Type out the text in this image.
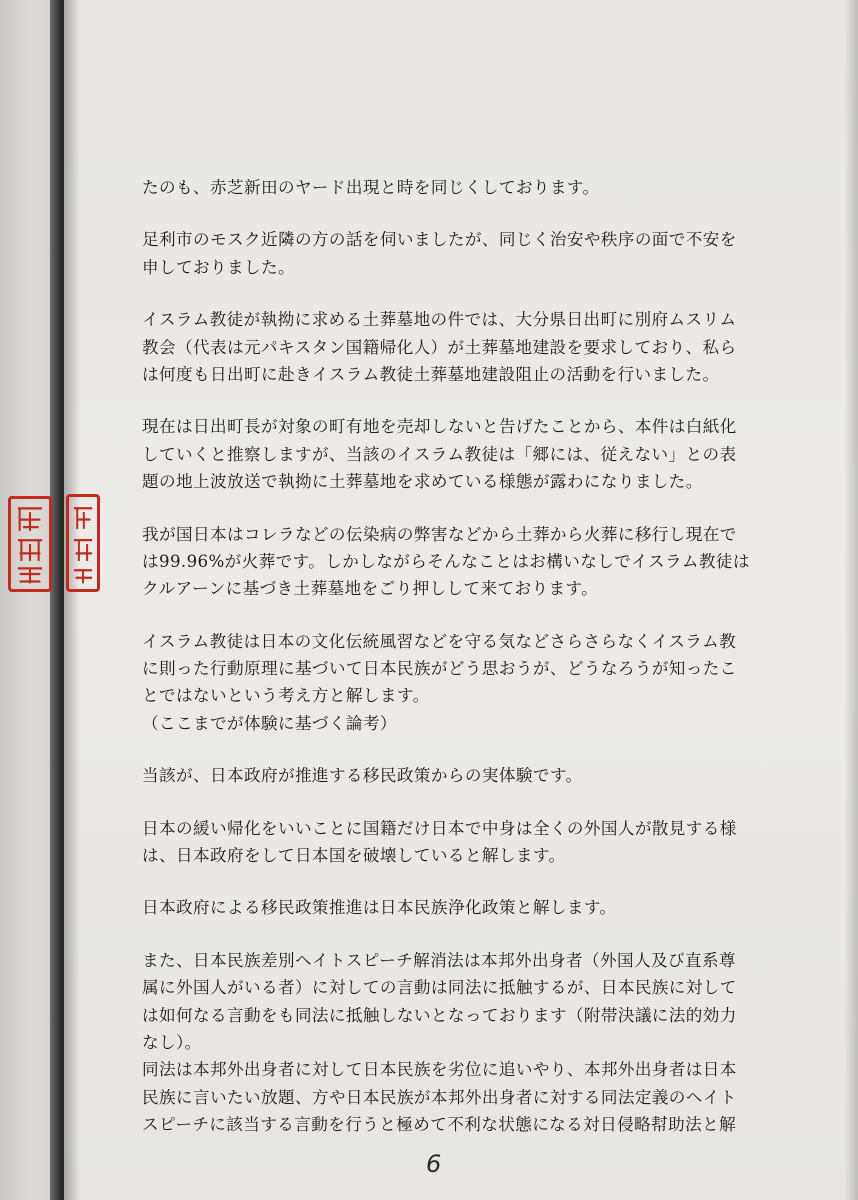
たのも、赤芝新田のヤード出現と時を同じくしております。
足利市のモスク近隣の方の話を伺いましたが、同じく治安や秩序の面で不安を
申しておりました。
イスラム教徒が執拗に求める土葬墓地の件では、大分県日出町に別府ムスリム
教会（代表は元パキスタン国籍帰化人）が土葬墓地建設を要求しており、私ら
は何度も日出町に赴きイスラム教徒土葬墓地建設阻止の活動を行いました。
現在は日出町長が対象の町有地を売却しないと告げたことから、本件は白紙化
していくと推察しますが、当該のイスラム教徒は「郷には、従えない」との表
題の地上波放送で執拗に土葬墓地を求めている様態が露わになりました。
我が国日本はコレラなどの伝染病の弊害などから土葬から火葬に移行し現在で
は99.96%が火葬です。しかしながらそんなことはお構いなしでイスラム教徒は
クルアーンに基づき土葬墓地をごり押しして来ております。
イスラム教徒は日本の文化伝統風習などを守る気などさらさらなくイスラム教
に則った行動原理に基づいて日本民族がどう思おうが、どうなろうが知ったこ
とではないという考え方と解します。
（ここまでが体験に基づく論考）
当該が、日本政府が推進する移民政策からの実体験です。
日本の緩い帰化をいいことに国籍だけ日本で中身は全くの外国人が散見する様
は、日本政府をして日本国を破壊していると解します。
日本政府による移民政策推進は日本民族浄化政策と解します。
また、日本民族差別ヘイトスピーチ解消法は本邦外出身者（外国人及び直系尊
属に外国人がいる者）に対しての言動は同法に抵触するが、日本民族に対して
は如何なる言動をも同法に抵触しないとなっております（附帯決議に法的効力
なし）。
同法は本邦外出身者に対して日本民族を劣位に追いやり、本邦外出身者は日本
民族に言いたい放題、方や日本民族が本邦外出身者に対する同法定義のヘイト
スピーチに該当する言動を行うと極めて不利な状態になる対日侵略幇助法と解
6
